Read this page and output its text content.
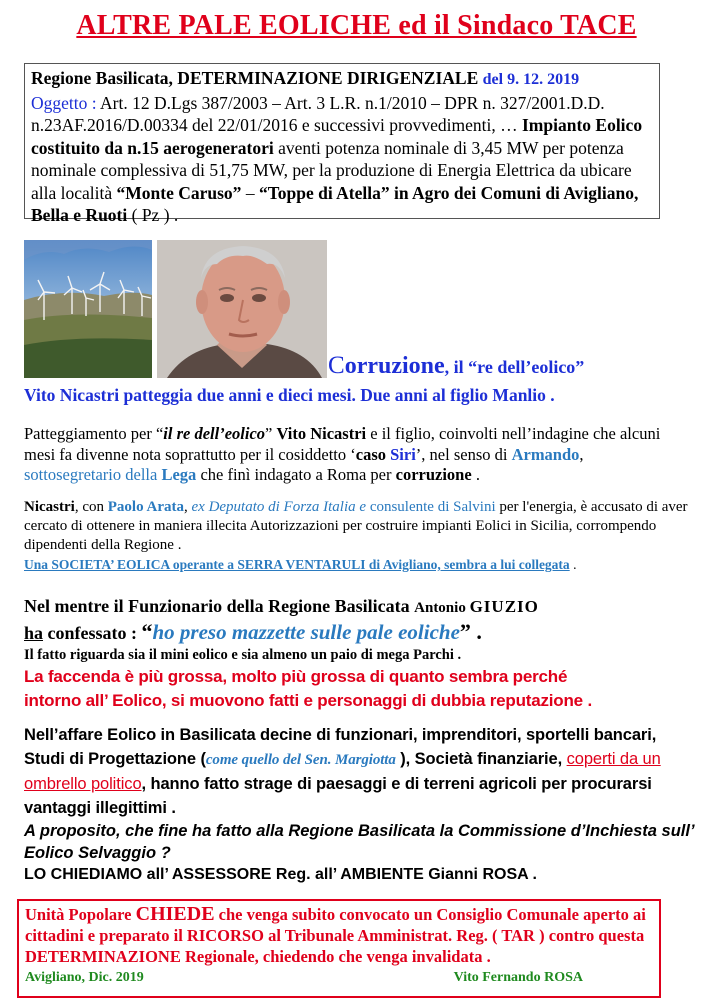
ALTRE PALE EOLICHE ed il Sindaco TACE
Regione Basilicata, DETERMINAZIONE DIRIGENZIALE del 9. 12. 2019
Oggetto : Art. 12 D.Lgs 387/2003 – Art. 3 L.R. n.1/2010 – DPR n. 327/2001.D.D. n.23AF.2016/D.00334 del 22/01/2016 e successivi provvedimenti, … Impianto Eolico costituito da n.15 aerogeneratori aventi potenza nominale di 3,45 MW per potenza nominale complessiva di 51,75 MW, per la produzione di Energia Elettrica da ubicare alla località “Monte Caruso” – “Toppe di Atella” in Agro dei Comuni di Avigliano, Bella e Ruoti ( Pz ) .
Corruzione, il “re dell’eolico”
Vito Nicastri patteggia due anni e dieci mesi. Due anni al figlio Manlio .
Patteggiamento per “il re dell’eolico” Vito Nicastri e il figlio, coinvolti nell’indagine che alcuni mesi fa divenne nota soprattutto per il cosiddetto ‘caso Siri’, nel senso di Armando, sottosegretario della Lega che finì indagato a Roma per corruzione .
Nicastri, con Paolo Arata, ex Deputato di Forza Italia e consulente di Salvini per l'energia, è accusato di aver cercato di ottenere in maniera illecita Autorizzazioni per costruire impianti Eolici in Sicilia, corrompendo dipendenti della Regione .
Una SOCIETA’ EOLICA operante a SERRA VENTARULI di Avigliano, sembra a lui collegata .
Nel mentre il Funzionario della Regione Basilicata Antonio GIUZIO
ha confessato : “ho preso mazzette sulle pale eoliche” .
Il fatto riguarda sia il mini eolico e sia almeno un paio di mega Parchi .
La faccenda è più grossa, molto più grossa di quanto sembra perché
intorno all’ Eolico, si muovono fatti e personaggi di dubbia reputazione .
Nell’affare Eolico in Basilicata decine di funzionari, imprenditori, sportelli bancari, Studi di Progettazione (come quello del Sen. Margiotta ), Società finanziarie, coperti da un ombrello politico, hanno fatto strage di paesaggi e di terreni agricoli per procurarsi vantaggi illegittimi .
A proposito, che fine ha fatto alla Regione Basilicata la Commissione d’Inchiesta sull’ Eolico Selvaggio ?
LO CHIEDIAMO all’ ASSESSORE Reg. all’ AMBIENTE Gianni ROSA .
Unità Popolare CHIEDE che venga subito convocato un Consiglio Comunale aperto ai cittadini e preparato il RICORSO al Tribunale Amministrat. Reg. ( TAR ) contro questa DETERMINAZIONE Regionale, chiedendo che venga invalidata .
Avigliano, Dic. 2019	Vito Fernando ROSA
